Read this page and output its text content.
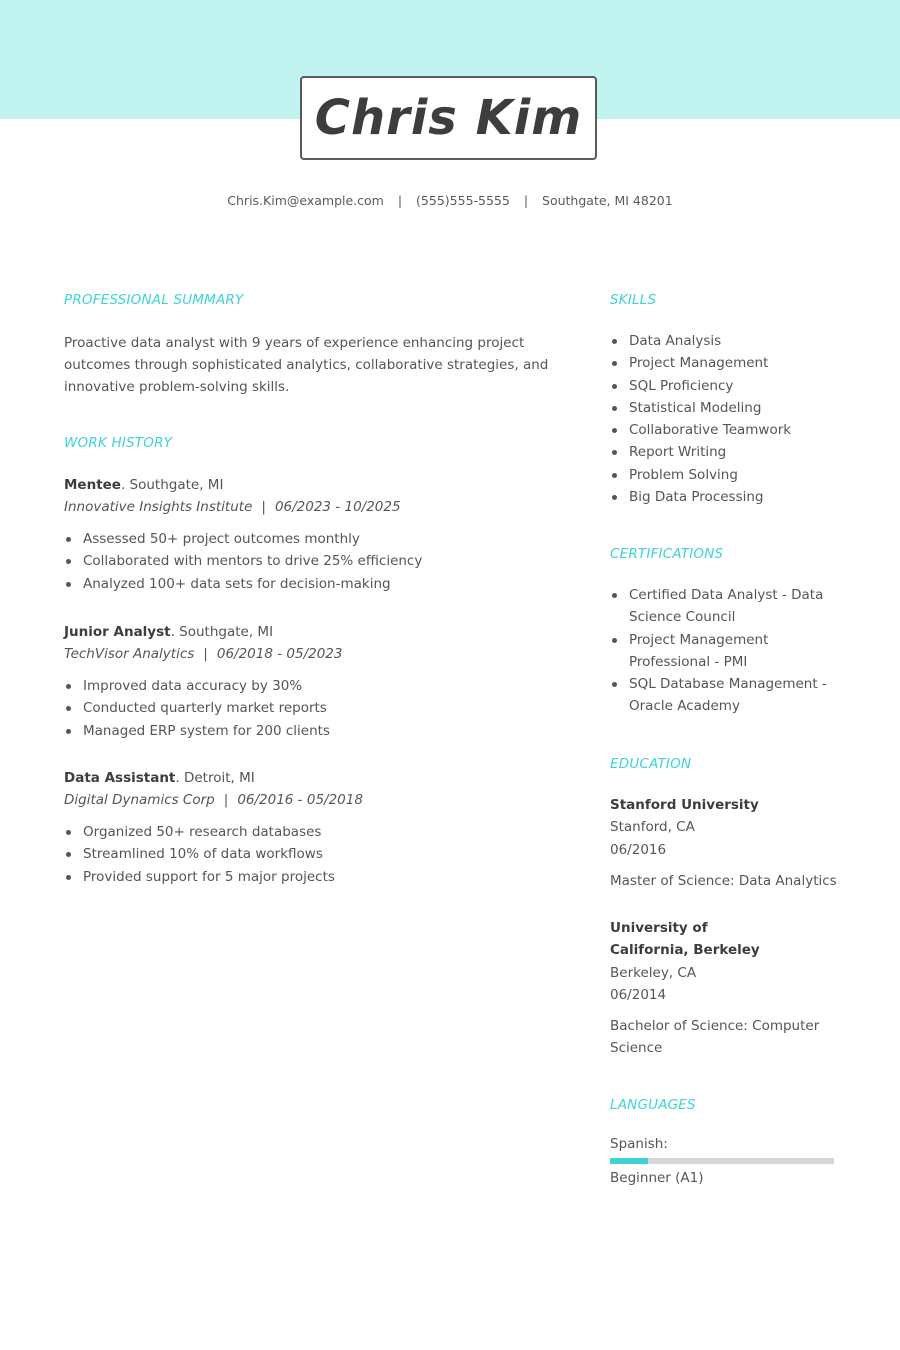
Chris Kim
Chris.Kim@example.com | (555)555-5555 | Southgate, MI 48201
PROFESSIONAL SUMMARY
Proactive data analyst with 9 years of experience enhancing project outcomes through sophisticated analytics, collaborative strategies, and innovative problem-solving skills.
WORK HISTORY
Mentee. Southgate, MI
Innovative Insights Institute | 06/2023 - 10/2025
Assessed 50+ project outcomes monthly
Collaborated with mentors to drive 25% efficiency
Analyzed 100+ data sets for decision-making
Junior Analyst. Southgate, MI
TechVisor Analytics | 06/2018 - 05/2023
Improved data accuracy by 30%
Conducted quarterly market reports
Managed ERP system for 200 clients
Data Assistant. Detroit, MI
Digital Dynamics Corp | 06/2016 - 05/2018
Organized 50+ research databases
Streamlined 10% of data workflows
Provided support for 5 major projects
SKILLS
Data Analysis
Project Management
SQL Proficiency
Statistical Modeling
Collaborative Teamwork
Report Writing
Problem Solving
Big Data Processing
CERTIFICATIONS
Certified Data Analyst - Data Science Council
Project Management Professional - PMI
SQL Database Management - Oracle Academy
EDUCATION
Stanford University
Stanford, CA
06/2016
Master of Science: Data Analytics
University of California, Berkeley
Berkeley, CA
06/2014
Bachelor of Science: Computer Science
LANGUAGES
Spanish:
Beginner (A1)
